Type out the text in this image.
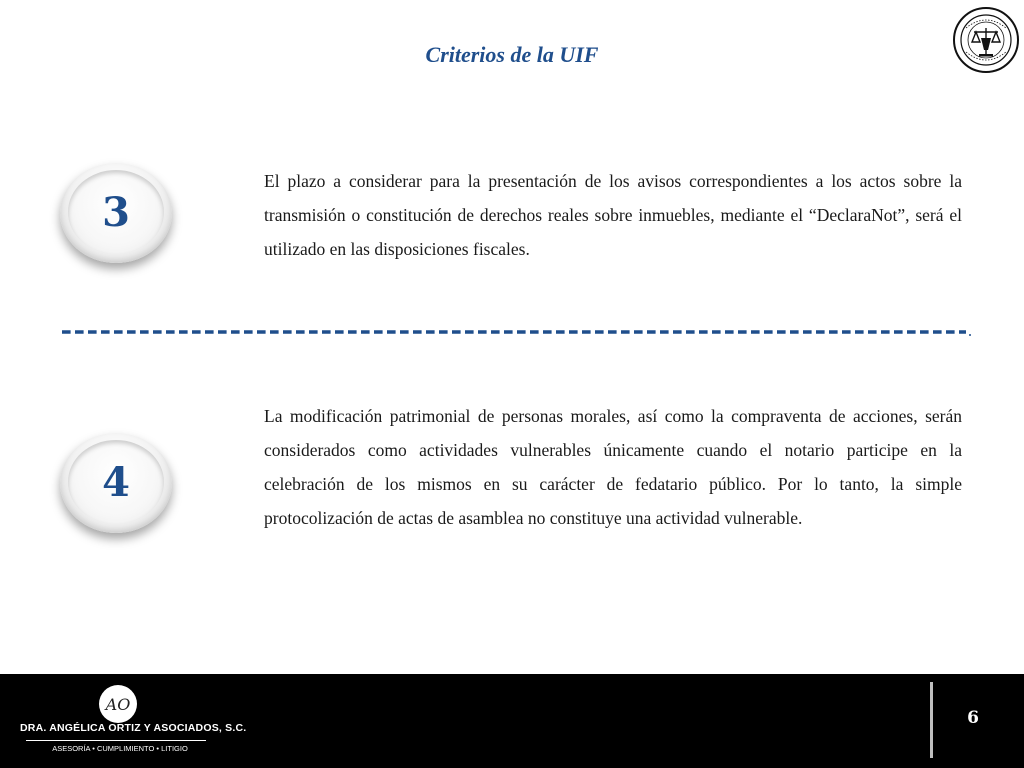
Criterios de la UIF
3
El plazo a considerar para la presentación de los avisos correspondientes a los actos sobre la transmisión o constitución de derechos reales sobre inmuebles, mediante el “DeclaraNot”, será el utilizado en las disposiciones fiscales.
4
La modificación patrimonial de personas morales, así como la compraventa de acciones, serán considerados como actividades vulnerables únicamente cuando el notario participe en la celebración de los mismos en su carácter de fedatario público. Por lo tanto, la simple protocolización de actas de asamblea no constituye una actividad vulnerable.
AO
DRA. ANGÉLICA ORTIZ Y ASOCIADOS, S.C.
ASESORÍA • CUMPLIMIENTO • LITIGIO
6
